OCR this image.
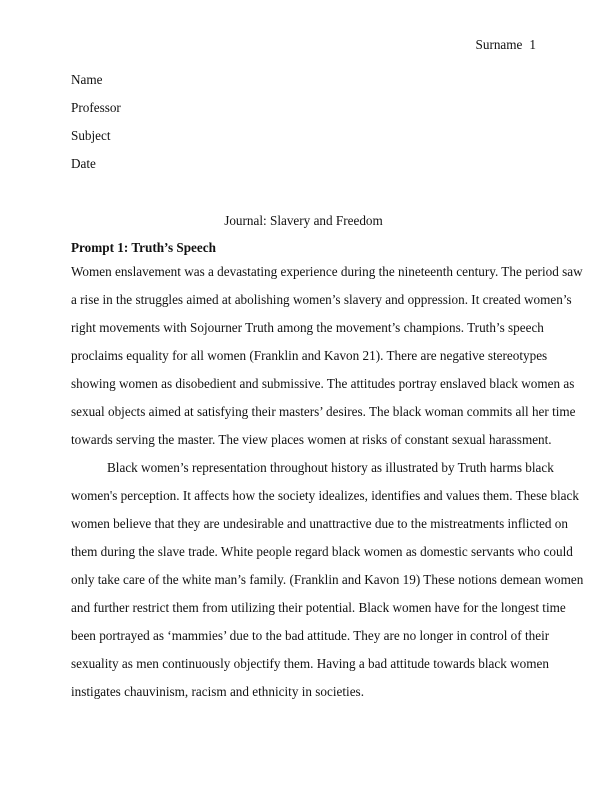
Surname 1
Name
Professor
Subject
Date
Journal: Slavery and Freedom
Prompt 1: Truth’s Speech
Women enslavement was a devastating experience during the nineteenth century. The period saw
a rise in the struggles aimed at abolishing women’s slavery and oppression. It created women’s
right movements with Sojourner Truth among the movement’s champions. Truth’s speech
proclaims equality for all women (Franklin and Kavon 21). There are negative stereotypes
showing women as disobedient and submissive. The attitudes portray enslaved black women as
sexual objects aimed at satisfying their masters’ desires. The black woman commits all her time
towards serving the master. The view places women at risks of constant sexual harassment.
Black women’s representation throughout history as illustrated by Truth harms black
women's perception. It affects how the society idealizes, identifies and values them. These black
women believe that they are undesirable and unattractive due to the mistreatments inflicted on
them during the slave trade. White people regard black women as domestic servants who could
only take care of the white man’s family. (Franklin and Kavon 19) These notions demean women
and further restrict them from utilizing their potential. Black women have for the longest time
been portrayed as ‘mammies’ due to the bad attitude. They are no longer in control of their
sexuality as men continuously objectify them. Having a bad attitude towards black women
instigates chauvinism, racism and ethnicity in societies.
